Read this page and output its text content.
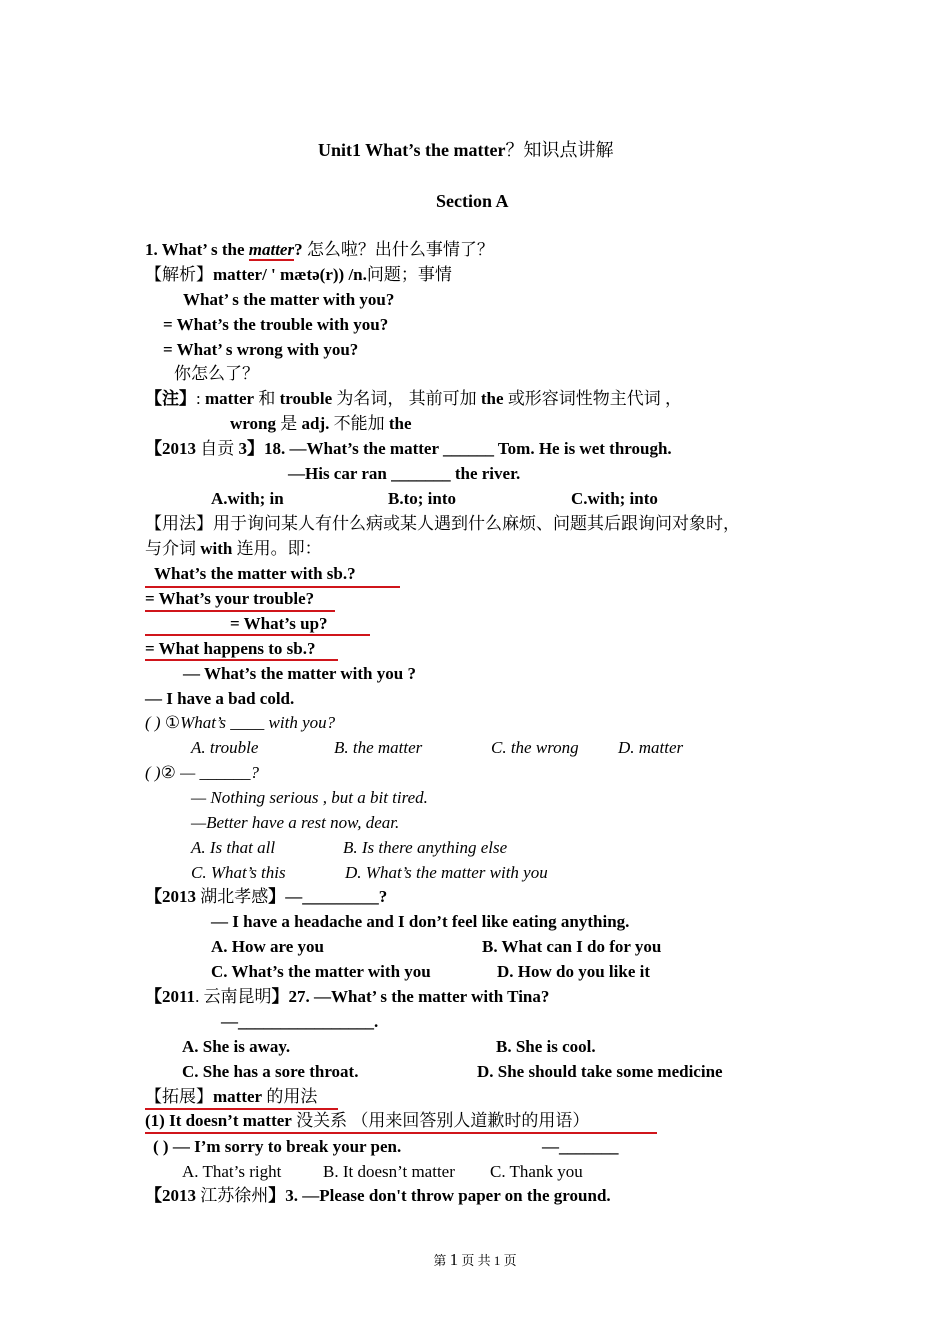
Unit1 What’s the matter？知识点讲解
Section A
1. What’ s the matter? 怎么啦？出什么事情了？
【解析】matter/ ' mætə(r)) /n.问题；事情
What’ s the matter with you?
= What’s the trouble with you?
= What’ s wrong with you?
你怎么了？
【注】: matter 和 trouble 为名词， 其前可加 the 或形容词性物主代词 ，
wrong 是 adj. 不能加 the
【2013 自贡 3】18. —What’s the matter ______ Tom. He is wet through.
—His car ran _______ the river.
A.with; in	B.to; into	C.with; into
【用法】用于询问某人有什么病或某人遇到什么麻烦、问题其后跟询问对象时，
与介词 with 连用。即：
What’s the matter with sb.?
= What’s your trouble?
= What’s up?
= What happens to sb.?
— What’s the matter with you ?
— I have a bad cold.
( ) ①What’s ____ with you?
A. trouble	B. the matter	C. the wrong D. matter
( )② — ______?
— Nothing serious , but a bit tired.
—Better have a rest now, dear.
A. Is that all	B. Is there anything else
C. What’s this	D. What’s the matter with you
【2013 湖北孝感】—_________?
— I have a headache and I don’t feel like eating anything.
A. How are you	B. What can I do for you
C. What’s the matter with you	D. How do you like it
【2011. 云南昆明】27. —What’ s the matter with Tina?
—________________.
A. She is away.	B. She is cool.
C. She has a sore throat.	D. She should take some medicine
【拓展】matter 的用法
(1) It doesn’t matter 没关系 （用来回答别人道歉时的用语）
( ) — I’m sorry to break your pen.	—_______
A. That’s right B. It doesn’t matter C. Thank you
【2013 江苏徐州】3. —Please don't throw paper on the ground.
第 1 页 共 1 页
